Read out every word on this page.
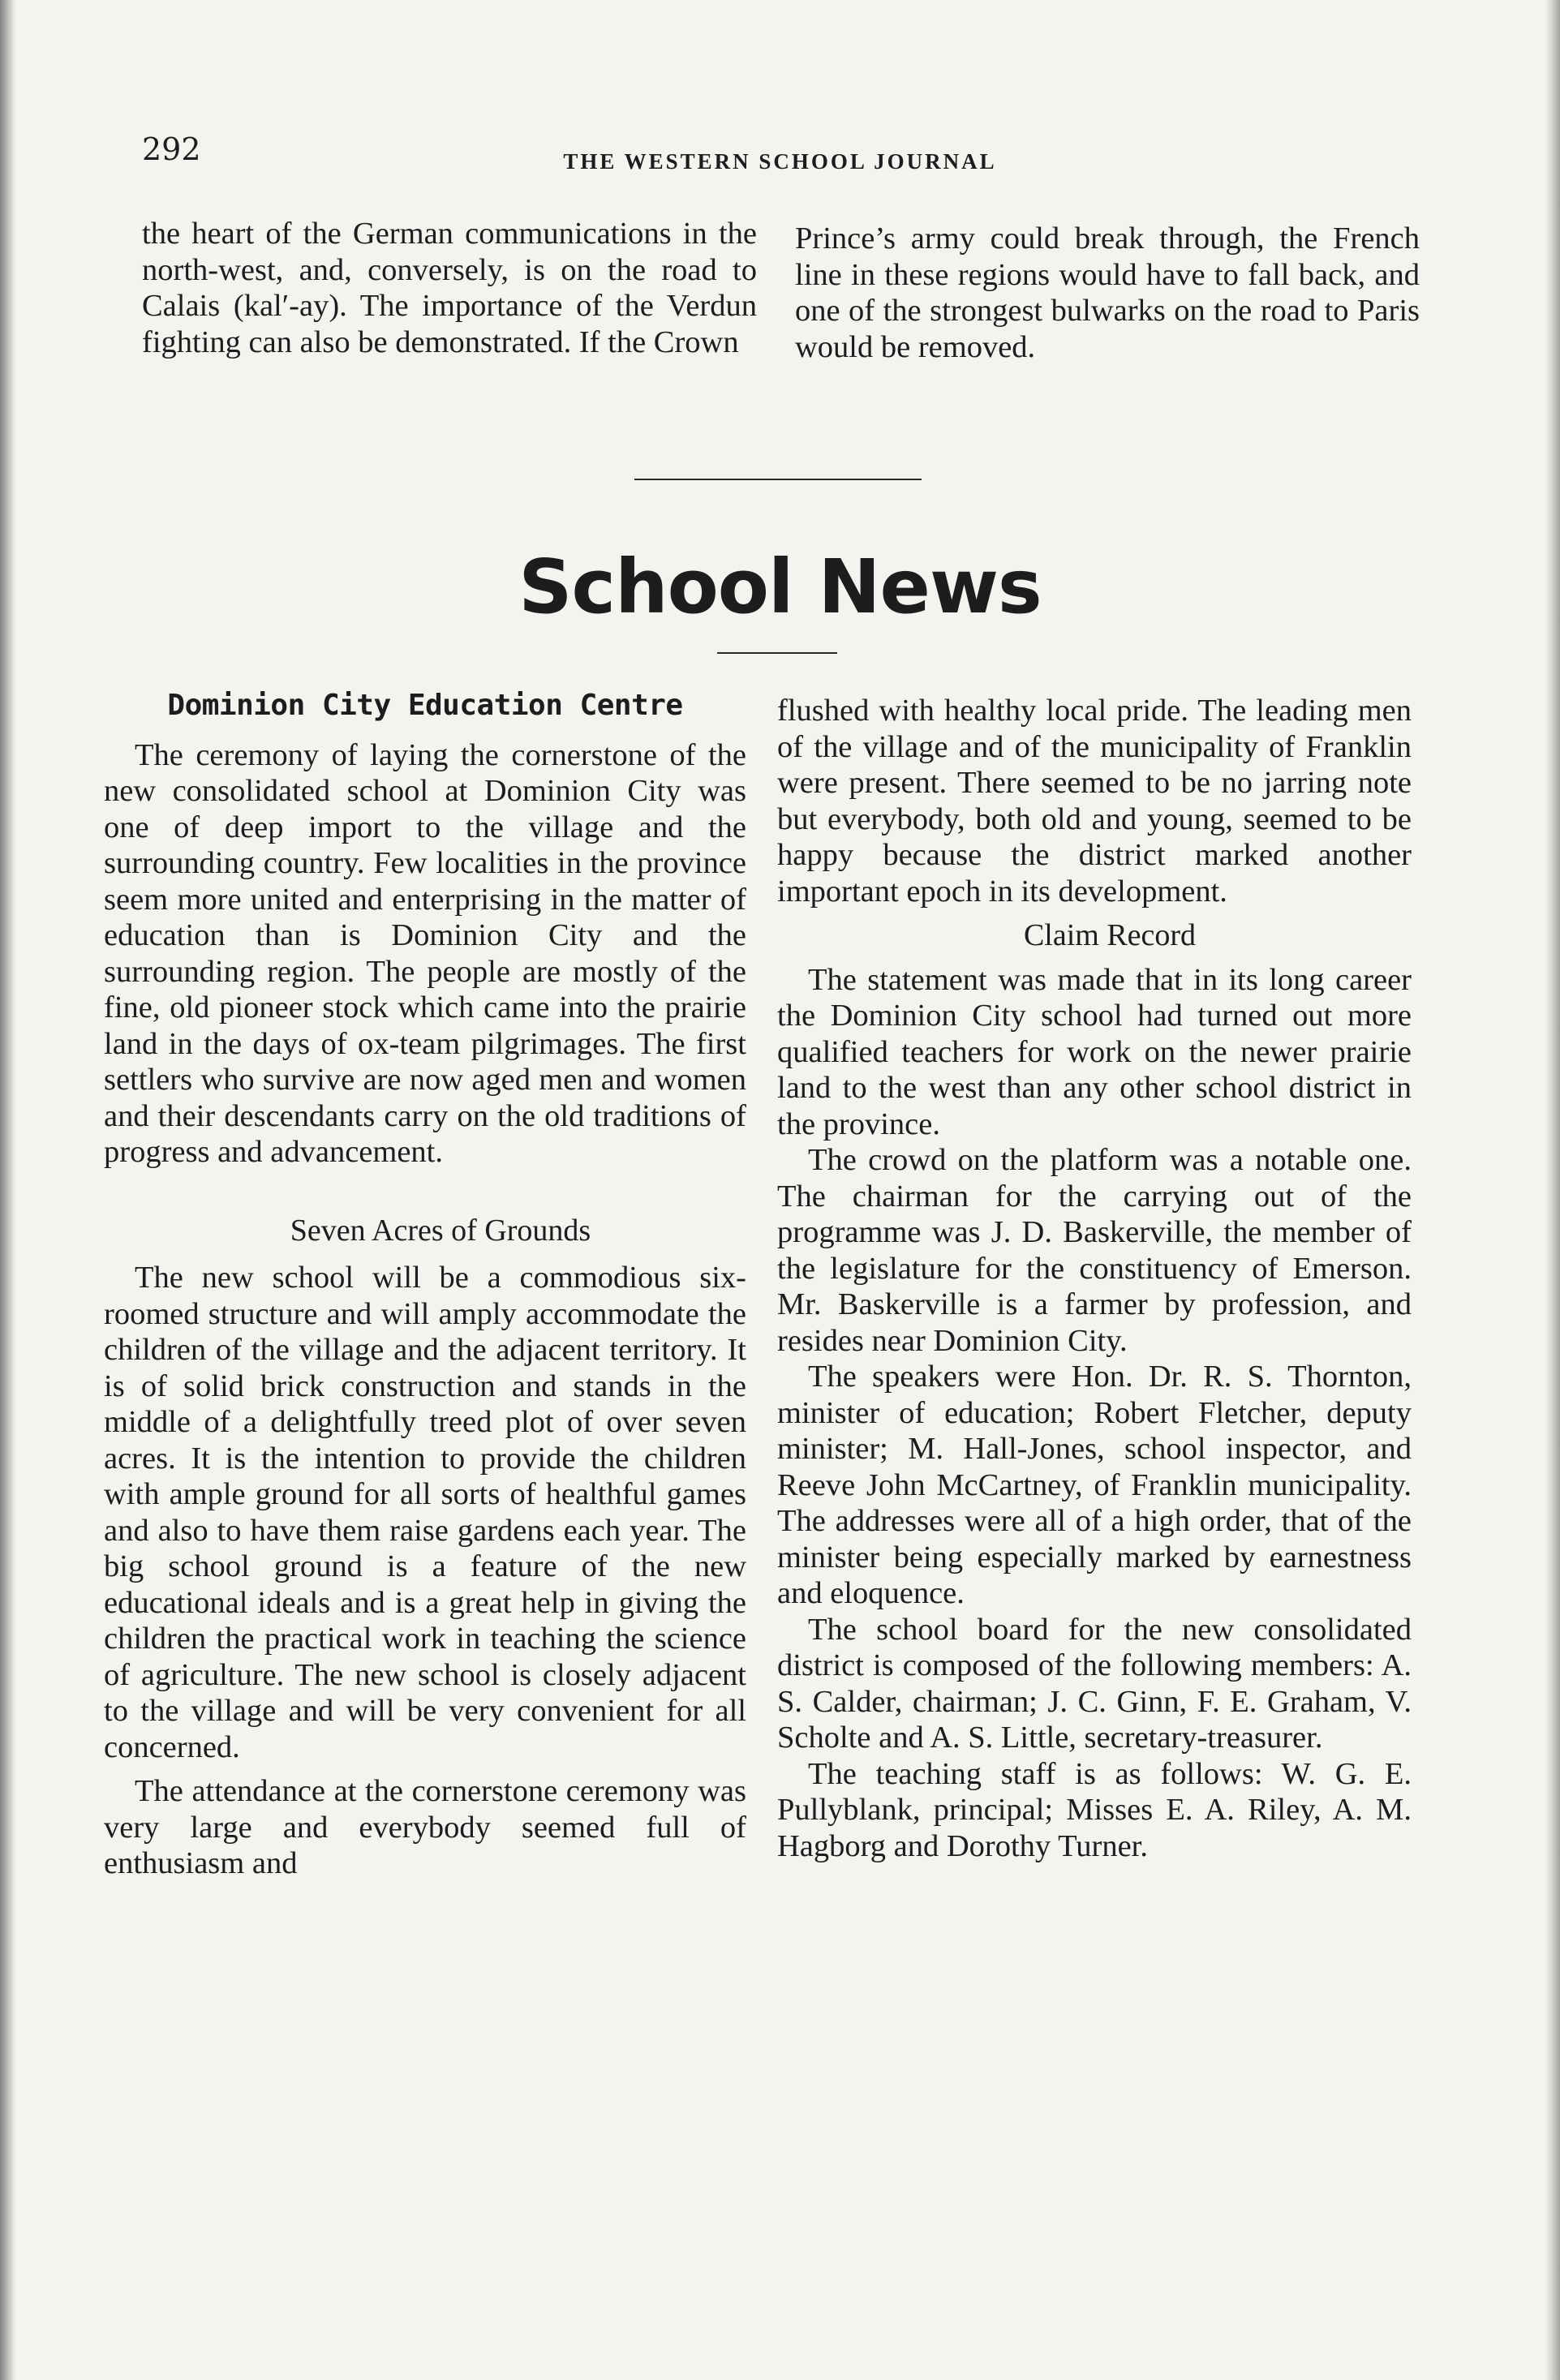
292	THE WESTERN SCHOOL JOURNAL

the heart of the German communications in the north-west, and, conversely, is on the road to Calais (kal′-ay). The importance of the Verdun fighting can also be demonstrated. If the Crown

Prince’s army could break through, the French line in these regions would have to fall back, and one of the strongest bulwarks on the road to Paris would be removed.

School News
Dominion City Education Centre

The ceremony of laying the cornerstone of the new consolidated school at Dominion City was one of deep import to the village and the surrounding country. Few localities in the province seem more united and enterprising in the matter of education than is Dominion City and the surrounding region. The people are mostly of the fine, old pioneer stock which came into the prairie land in the days of ox-team pilgrimages. The first settlers who survive are now aged men and women and their descendants carry on the old traditions of progress and advancement.

Seven Acres of Grounds

The new school will be a commodious six-roomed structure and will amply accommodate the children of the village and the adjacent territory. It is of solid brick construction and stands in the middle of a delightfully treed plot of over seven acres. It is the intention to provide the children with ample ground for all sorts of healthful games and also to have them raise gardens each year. The big school ground is a feature of the new educational ideals and is a great help in giving the children the practical work in teaching the science of agriculture. The new school is closely adjacent to the village and will be very convenient for all concerned.

The attendance at the cornerstone ceremony was very large and everybody seemed full of enthusiasm and

flushed with healthy local pride. The leading men of the village and of the municipality of Franklin were present. There seemed to be no jarring note but everybody, both old and young, seemed to be happy because the district marked another important epoch in its development.

Claim Record

The statement was made that in its long career the Dominion City school had turned out more qualified teachers for work on the newer prairie land to the west than any other school district in the province.

The crowd on the platform was a notable one. The chairman for the carrying out of the programme was J. D. Baskerville, the member of the legislature for the constituency of Emerson. Mr. Baskerville is a farmer by profession, and resides near Dominion City.

The speakers were Hon. Dr. R. S. Thornton, minister of education; Robert Fletcher, deputy minister; M. Hall-Jones, school inspector, and Reeve John McCartney, of Franklin municipality. The addresses were all of a high order, that of the minister being especially marked by earnestness and eloquence.

The school board for the new consolidated district is composed of the following members: A. S. Calder, chairman; J. C. Ginn, F. E. Graham, V. Scholte and A. S. Little, secretary-treasurer.

The teaching staff is as follows: W. G. E. Pullyblank, principal; Misses E. A. Riley, A. M. Hagborg and Dorothy Turner.
